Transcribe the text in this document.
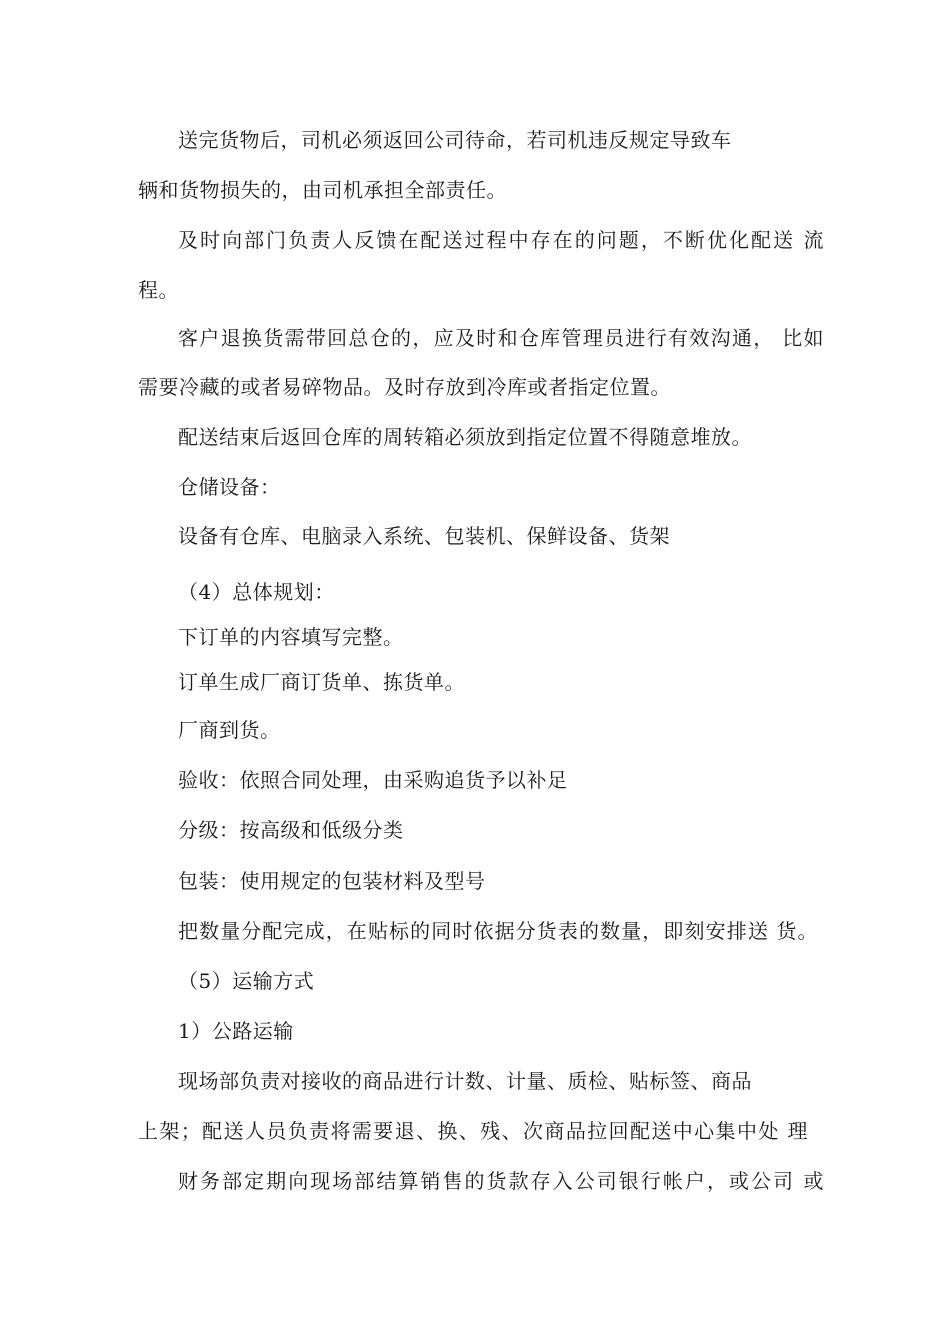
送完货物后，司机必须返回公司待命，若司机违反规定导致车
辆和货物损失的，由司机承担全部责任。
及时向部门负责人反馈在配送过程中存在的问题，不断优化配送 流
程。
客户退换货需带回总仓的，应及时和仓库管理员进行有效沟通， 比如
需要冷藏的或者易碎物品。及时存放到冷库或者指定位置。
配送结束后返回仓库的周转箱必须放到指定位置不得随意堆放。
仓储设备：
设备有仓库、电脑录入系统、包装机、保鲜设备、货架
（4）总体规划：
下订单的内容填写完整。
订单生成厂商订货单、拣货单。
厂商到货。
验收：依照合同处理，由采购追货予以补足
分级：按高级和低级分类
包装：使用规定的包装材料及型号
把数量分配完成，在贴标的同时依据分货表的数量，即刻安排送 货。
（5）运输方式
1）公路运输
现场部负责对接收的商品进行计数、计量、质检、贴标签、商品
上架；配送人员负责将需要退、换、残、次商品拉回配送中心集中处 理
财务部定期向现场部结算销售的货款存入公司银行帐户，或公司 或
